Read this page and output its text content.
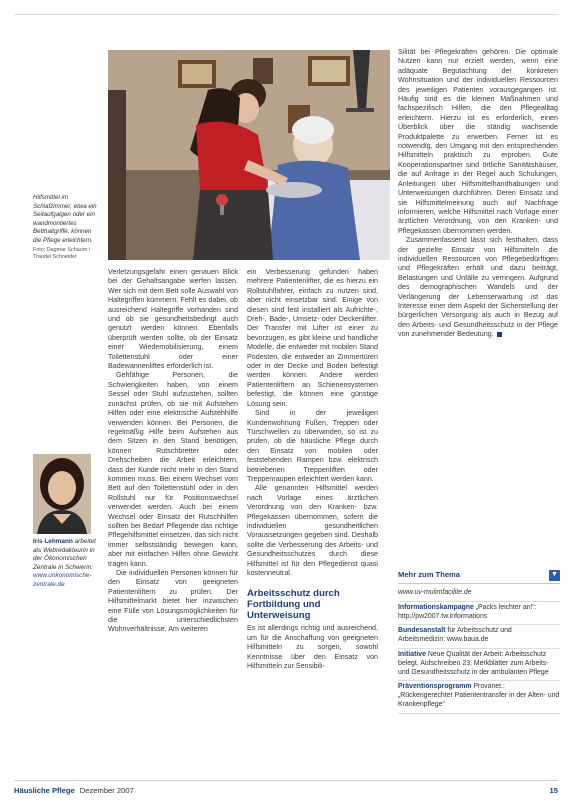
Hilfsmittel im Schlafzimmer, etwa ein Seitaufgalgen oder ein wandmontiertes Betthaltgriffe, können die Pflege erleichtern.
Foto: Dagmar Schaum / Traudel Schneider
Iris Lehmann arbeitet als Webredakteurin in der Ökonomischen Zentrale in Schwerin:
www.unkonomische-zentrale.de

Verletzungsgefahr einen genauen Blick bei der Gehaltsangabe werfen lassen. Wer sich mit dem Bett solle Auswahl von Haltegriffen kümmern. Fehlt es dabei, ob ausreichend Haltegriffe vorhanden sind und ob sie gesundheitsbedingt auch genutzt werden können. Ebenfalls überprüft werden sollte, ob der Einsatz einer Wiedemobilisierung, einem Toilettenstuhl oder einer Badewannenliftes erforderlich ist.

Gehfähige Personen, die Schwierigkeiten haben, von einem Sessel oder Stuhl aufzustehen, sollten zunächst prüfen, ob sie mit Aufstehen Hilfen oder eine elektrische Aufstehhilfe verwenden können. Bei Personen, die regelmäßig Hilfe beim Aufstehen aus dem Sitzen in den Stand benötigen, können Rutschbretter oder Drehscheiben die Arbeit erleichtern, dass der Kunde nicht mehr in den Stand kommen muss. Bei einem Wechsel vom Bett auf den Toilettenstuhl oder in den Rollstuhl nur für Positionswechsel verwendet werden. Auch bei einem Wechsel oder Einsatz der Rutschhilfen sollten bei Bedarf Pflegende das richtige Pflegehilfsmittel einsetzen, das sich nicht immer selbstständig bewegen kann, aber mit einfachen Hilfen ohne Gewicht tragen kann.

Die individuellen Personen können für den Einsatz von geeigneten Patientenliftern zu prüfen. Der Hilfsmittelmarkt bietet hier inzwischen eine Fülle von Lösungsmöglichkeiten für die unterschiedlichsten Wohnverhältnisse. Am weiteren

ein Verbesserung gefunden haben mehrere Patientenlifter, die es hierzu ein Rollstuhlfahrer, einfach zu nutzen sind, aber nicht einsetzbar sind. Einige von diesen sind fest installiert als Aufrichte-, Dreh-, Bade-, Umsetz- oder Deckenlifter. Der Transfer mit Lifter ist einer zu bevorzugen, es gibt kleine und handliche Modelle, die entweder mit mobilen Stand Podesten, die entweder an Zimmertüren oder in der Decke und Boden befestigt werden können. Andere werden Patientenliftern an Schienensystemen befestigt, die können eine günstige Lösung sein.

Sind in der jeweiligen Kundenwohnung Fußen, Treppen oder Türschwellen zu überwinden, so ist zu prüfen, ob die häusliche Pflege durch den Einsatz von mobilen oder feststehenden Rampen bzw. elektrisch betriebenen Treppenliften oder Treppenraupen erleichtert werden kann.

Alle genannten Hilfsmittel werden nach Vorlage eines ärztlichen Verordnung von den Kranken- bzw. Pflegekassen übernommen, sofern die individuellen gesundheitlichen Voraussetzungen gegeben sind. Deshalb sollte die Verbesserung des Arbeits- und Gesundheitsschutzes durch diese Hilfsmittel ist für den Pflegedienst quasi kostenneutral.

Arbeitsschutz durch Fortbildung und Unterweisung

Es ist allerdings richtig und ausreichend, um für die Anschaffung von geeigneten Hilfsmitteln zu sorgen, sowohl Kenntnisse über den Einsatz von Hilfsmitteln zur Sensibili-

Silität bei Pflegekräften gehören. Die optimale Nutzen kann nur erzielt werden, wenn eine adäquate Begutachtung der konkreten Wohnsituation und der individuellen Ressourcen des jeweiligen Patienten vorausgegangen ist. Häufig sind es die kleinen Maßnahmen und fachspezifisch Hilfen, die den Pflegealltag erleichtern. Hierzu ist es erforderlich, einen Überblick über die ständig wachsende Produktpalette zu erwerben. Ferner ist es notwendig, den Umgang mit den entsprechenden Hilfsmitteln praktisch zu erproben. Gute Kooperationspartner sind örtliche Sanitätshäuser, die auf Anfrage in der Regel auch Schulungen, Anleitungen über Hilfsmittelhandhabungen und Unterweisungen durchführen. Deren Einsatz und sie Hilfsmittelmeinung auch auf Nachfrage informieren, welche Hilfsmittel nach Vorlage einer ärztlichen Verordnung, von den Kranken- und Pflegekassen übernommen werden.

Zusammenfassend lässt sich festhalten, dass der gezielte Einsatz von Hilfsmitteln die individuellen Ressourcen von Pflegebedürftigen und Pflegekräften erhält und dazu beiträgt, Belastungen und Unfälle zu verringern. Aufgrund des demographischen Wandels und der Verlängerung der Lebenserwartung ist das Interesse einer dem Aspekt der Sicherstellung der bürgerlichen Versorgung als auch in Bezug auf den Arbeits- und Gesundheitsschutz in der Pflege von zunehmender Bedeutung.

Mehr zum Thema	▼
www.uv-mulimfacilite.de
Informationskampagne „Packs leichter an!“: http://pw2007.tw.informations
Bundesanstalt für Arbeitsschutz und Arbeitsmedizin: www.baua.de
Initiative Neue Qualität der Arbeit: Arbeitsschutz belegt. Aufschreiben 23, Merkblätter zum Arbeits- und Gesundheitsschutz in der ambulanten Pflege
Präventionsprogramm Provanet.: „Rückengerechter Patiententransfer in der Alten- und Krankenpflege“
Häusliche Pflege Dezember 2007	15
